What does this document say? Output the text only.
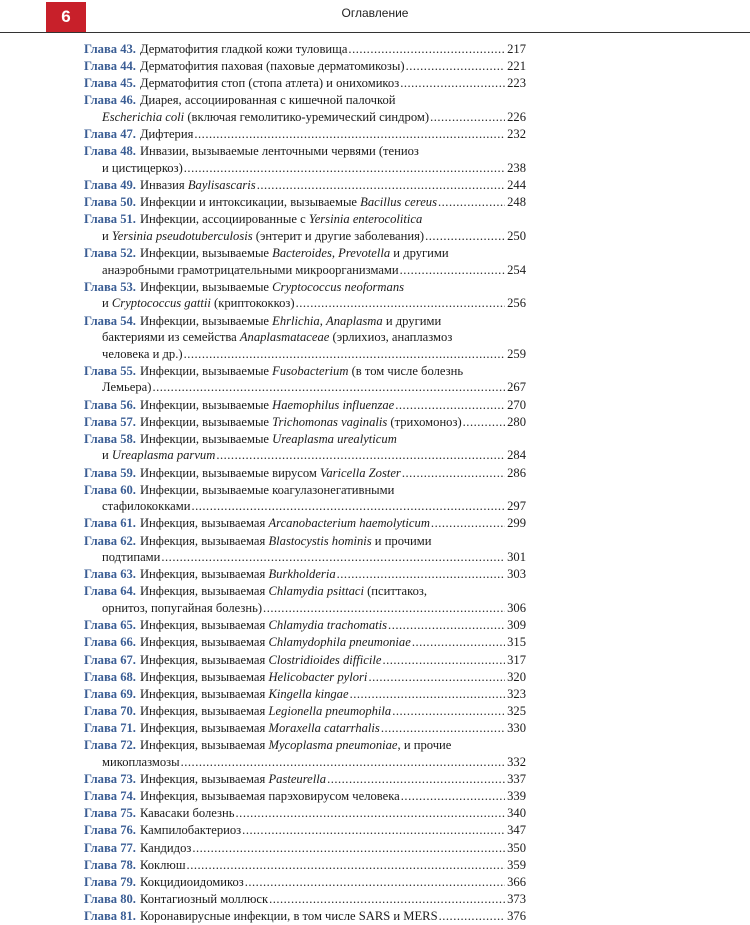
6	Оглавление
Глава 43. Дерматофития гладкой кожи туловища .....	217
Глава 44. Дерматофития паховая (паховые дерматомикозы) .....	221
Глава 45. Дерматофития стоп (стопа атлета) и онихомикоз .....	223
Глава 46. Диарея, ассоциированная с кишечной палочкой
Escherichia coli (включая гемолитико-уремический синдром) .....	226
Глава 47. Дифтерия .....	232
Глава 48. Инвазии, вызываемые ленточными червями (тениоз
и цистицеркоз) .....	238
Глава 49. Инвазия Baylisascaris .....	244
Глава 50. Инфекции и интоксикации, вызываемые Bacillus cereus .....	248
Глава 51. Инфекции, ассоциированные с Yersinia enterocolitica
и Yersinia pseudotuberculosis (энтерит и другие заболевания) .....	250
Глава 52. Инфекции, вызываемые Bacteroides, Prevotella и другими
анаэробными грамотрицательными микроорганизмами .....	254
Глава 53. Инфекции, вызываемые Cryptococcus neoformans
и Cryptococcus gattii (криптококкоз) .....	256
Глава 54. Инфекции, вызываемые Ehrlichia, Anaplasma и другими
бактериями из семейства Anaplasmataceae (эрлихиоз, анаплазмоз
человека и др.) .....	259
Глава 55. Инфекции, вызываемые Fusobacterium (в том числе болезнь
Лемьера) .....	267
Глава 56. Инфекции, вызываемые Haemophilus influenzae .....	270
Глава 57. Инфекции, вызываемые Trichomonas vaginalis (трихомоноз) .....	280
Глава 58. Инфекции, вызываемые Ureaplasma urealyticum
и Ureaplasma parvum .....	284
Глава 59. Инфекции, вызываемые вирусом Varicella Zoster .....	286
Глава 60. Инфекции, вызываемые коагулазонегативными
стафилококками .....	297
Глава 61. Инфекция, вызываемая Arcanobacterium haemolyticum .....	299
Глава 62. Инфекция, вызываемая Blastocystis hominis и прочими
подтипами .....	301
Глава 63. Инфекция, вызываемая Burkholderia .....	303
Глава 64. Инфекция, вызываемая Chlamydia psittaci (пситтакоз,
орнитоз, попугайная болезнь) .....	306
Глава 65. Инфекция, вызываемая Chlamydia trachomatis .....	309
Глава 66. Инфекция, вызываемая Chlamydophila pneumoniae .....	315
Глава 67. Инфекция, вызываемая Clostridioides difficile .....	317
Глава 68. Инфекция, вызываемая Helicobacter pylori .....	320
Глава 69. Инфекция, вызываемая Kingella kingae .....	323
Глава 70. Инфекция, вызываемая Legionella pneumophila .....	325
Глава 71. Инфекция, вызываемая Moraxella catarrhalis .....	330
Глава 72. Инфекция, вызываемая Mycoplasma pneumoniae, и прочие
микоплазмозы .....	332
Глава 73. Инфекция, вызываемая Pasteurella .....	337
Глава 74. Инфекция, вызываемая парэховирусом человека .....	339
Глава 75. Кавасаки болезнь .....	340
Глава 76. Кампилобактериоз .....	347
Глава 77. Кандидоз .....	350
Глава 78. Коклюш .....	359
Глава 79. Кокцидиоидомикоз .....	366
Глава 80. Контагиозный моллюск .....	373
Глава 81. Коронавирусные инфекции, в том числе SARS и MERS .....	376
